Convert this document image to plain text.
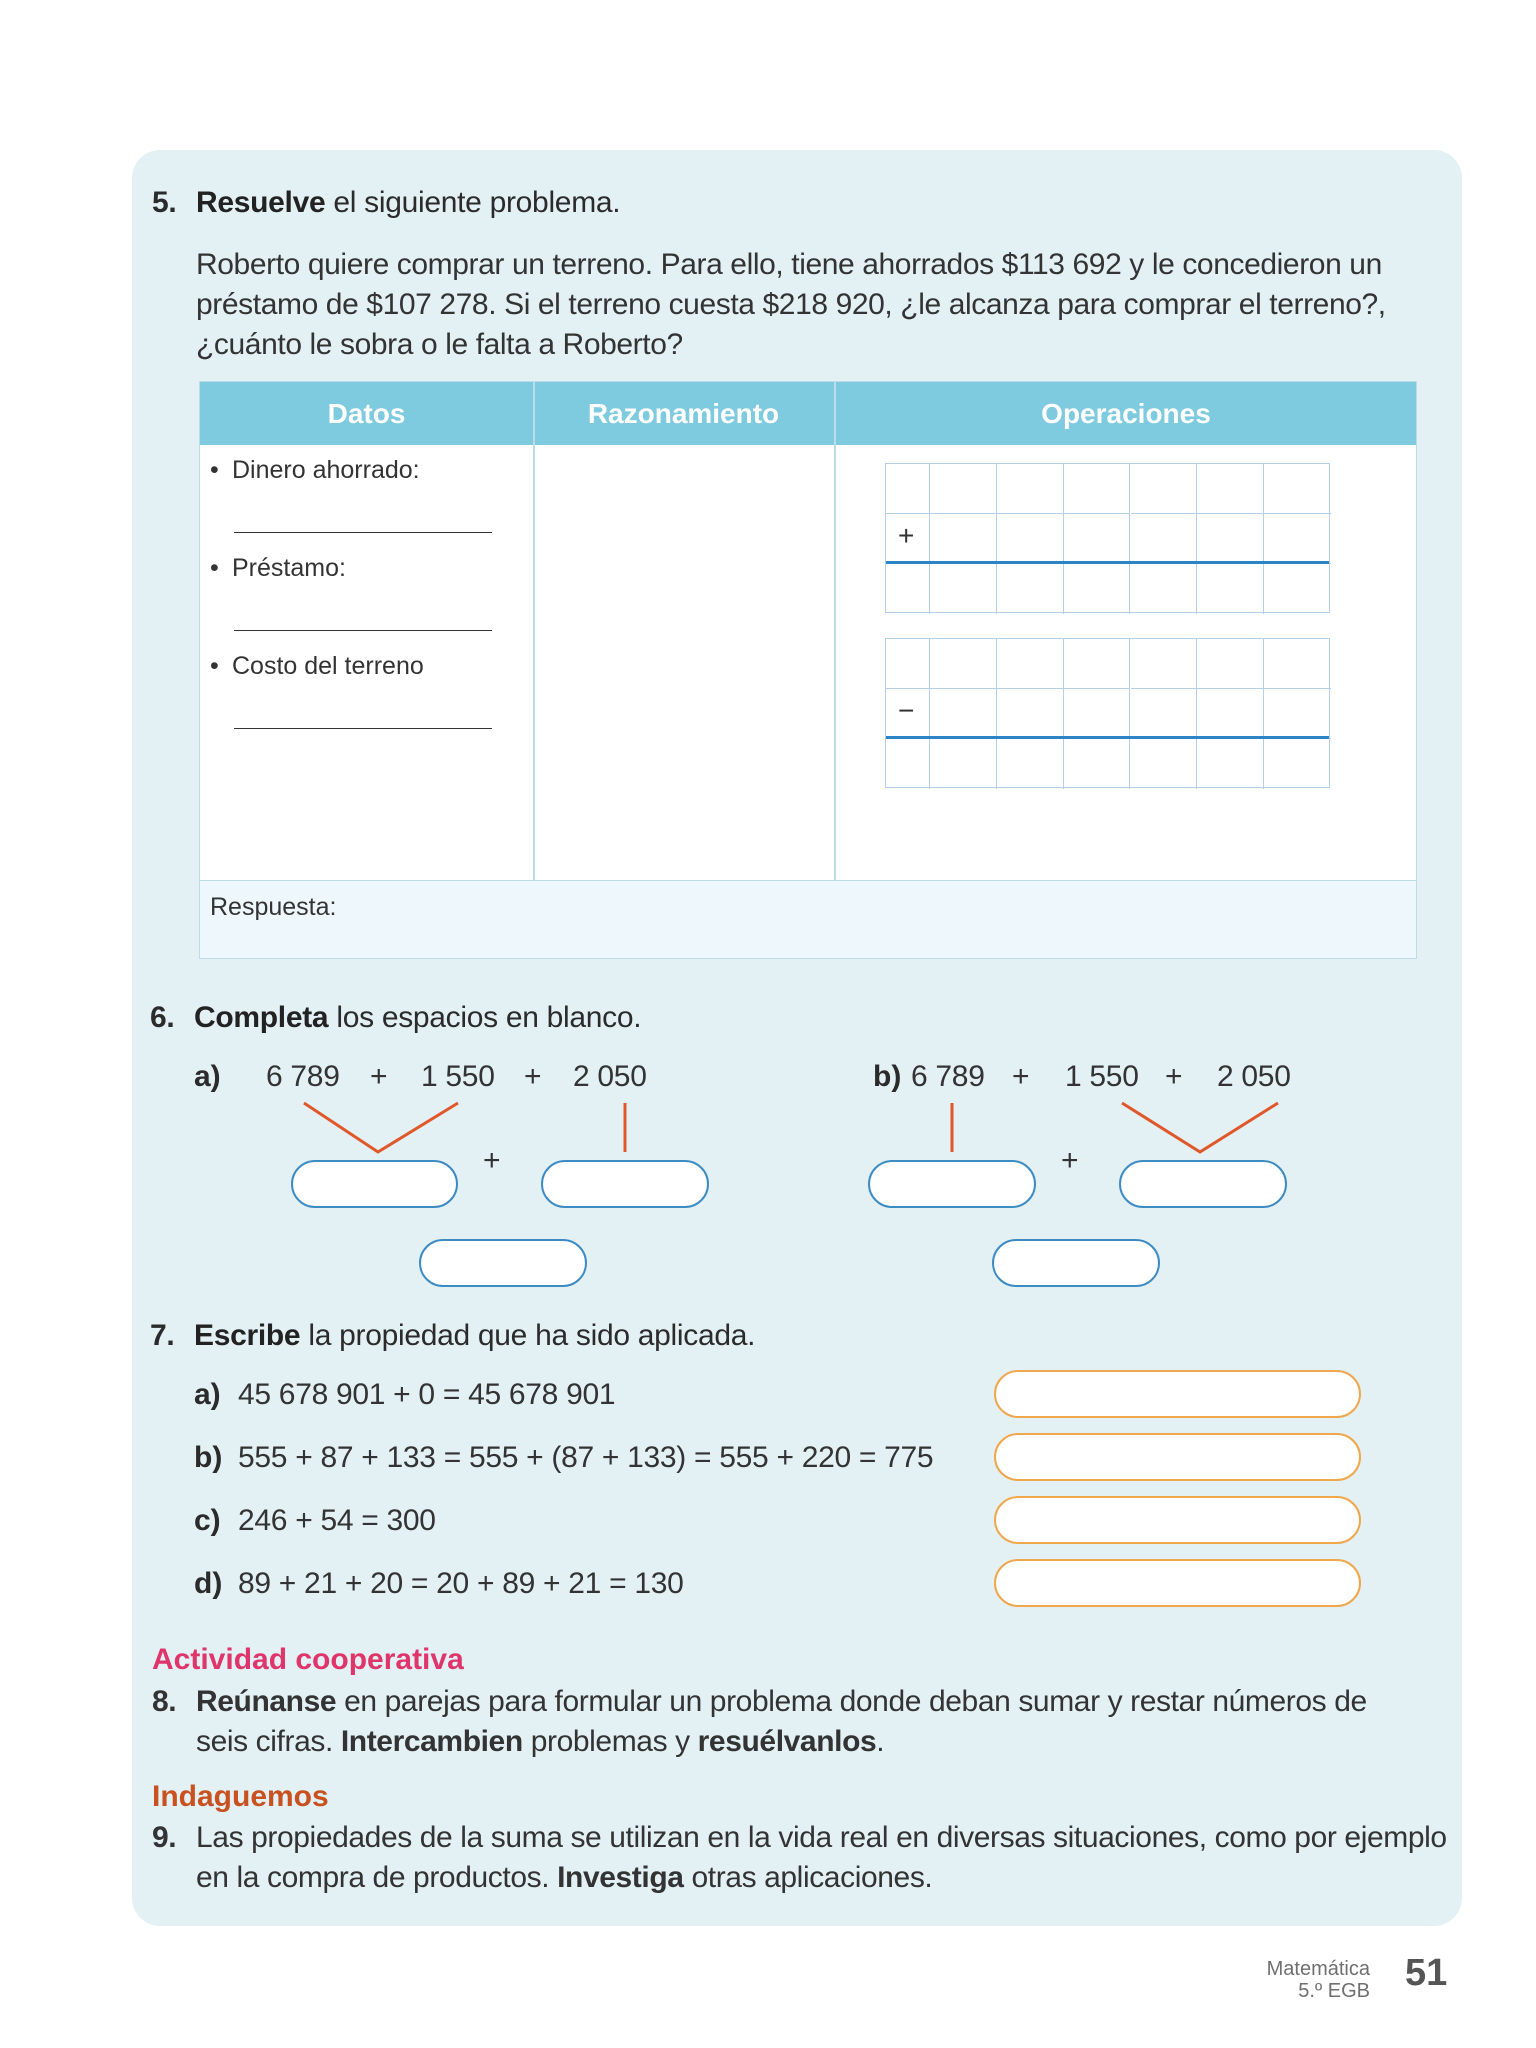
5. Resuelve el siguiente problema.
Roberto quiere comprar un terreno. Para ello, tiene ahorrados $113 692 y le concedieron un
préstamo de $107 278. Si el terreno cuesta $218 920, ¿le alcanza para comprar el terreno?,
¿cuánto le sobra o le falta a Roberto?
Datos	Razonamiento	Operaciones
• Dinero ahorrado:
• Préstamo:
• Costo del terreno
+
−
Respuesta:
6. Completa los espacios en blanco.
a) 6 789 + 1 550 + 2 050
+
b) 6 789 + 1 550 + 2 050
+
7. Escribe la propiedad que ha sido aplicada.
a) 45 678 901 + 0 = 45 678 901
b) 555 + 87 + 133 = 555 + (87 + 133) = 555 + 220 = 775
c) 246 + 54 = 300
d) 89 + 21 + 20 = 20 + 89 + 21 = 130
Actividad cooperativa
8. Reúnanse en parejas para formular un problema donde deban sumar y restar números de
seis cifras. Intercambien problemas y resuélvanlos.
Indaguemos
9. Las propiedades de la suma se utilizan en la vida real en diversas situaciones, como por ejemplo
en la compra de productos. Investiga otras aplicaciones.
Matemática
5.º EGB 51
